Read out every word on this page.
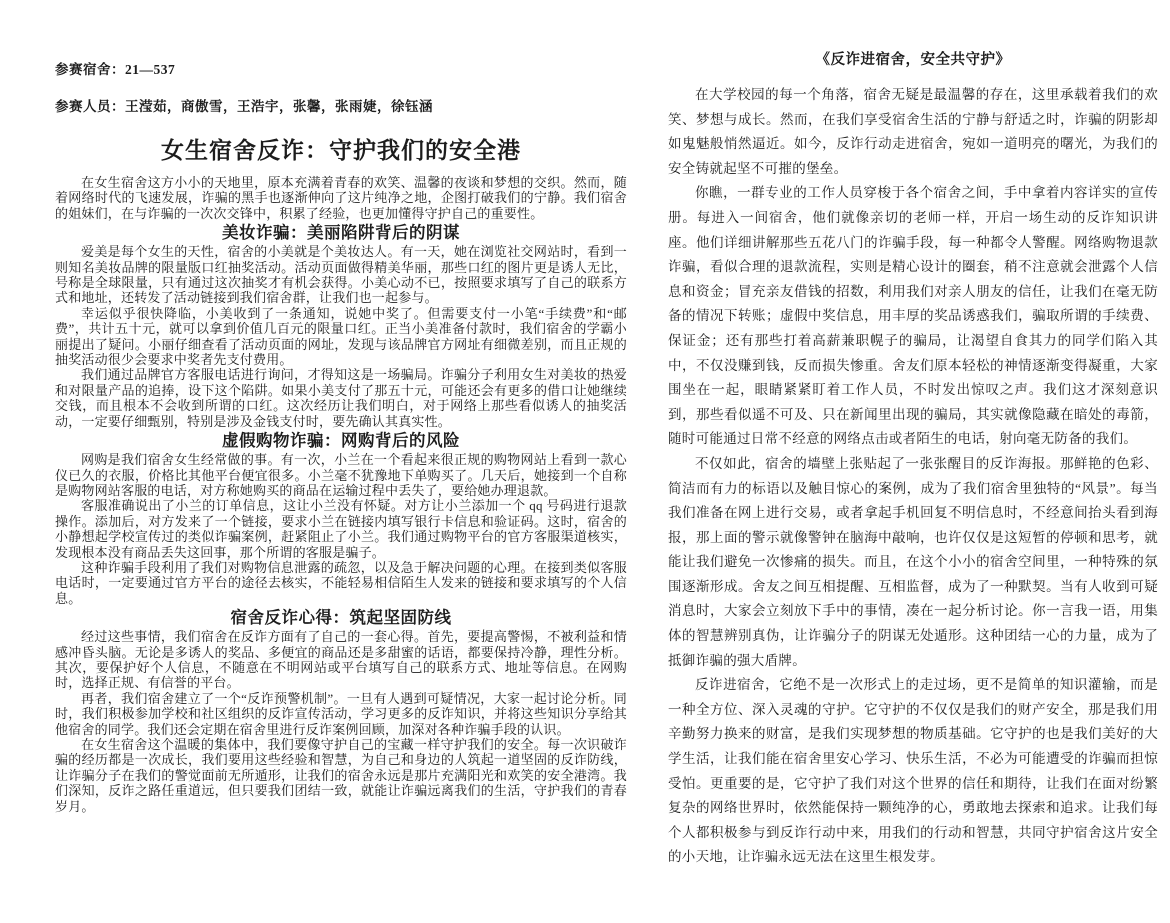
参赛宿舍：21—537

参赛人员：王滢茹，商傲雪，王浩宇，张馨，张雨婕，徐钰涵

女生宿舍反诈：守护我们的安全港

在女生宿舍这方小小的天地里，原本充满着青春的欢笑、温馨的夜谈和梦想的交织。然而，随着网络时代的飞速发展，诈骗的黑手也逐渐伸向了这片纯净之地，企图打破我们的宁静。我们宿舍的姐妹们，在与诈骗的一次次交锋中，积累了经验，也更加懂得守护自己的重要性。

美妆诈骗：美丽陷阱背后的阴谋

爱美是每个女生的天性，宿舍的小美就是个美妆达人。有一天，她在浏览社交网站时，看到一则知名美妆品牌的限量版口红抽奖活动。活动页面做得精美华丽，那些口红的图片更是诱人无比，号称是全球限量，只有通过这次抽奖才有机会获得。小美心动不已，按照要求填写了自己的联系方式和地址，还转发了活动链接到我们宿舍群，让我们也一起参与。

幸运似乎很快降临，小美收到了一条通知，说她中奖了。但需要支付一小笔“手续费”和“邮费”，共计五十元，就可以拿到价值几百元的限量口红。正当小美准备付款时，我们宿舍的学霸小丽提出了疑问。小丽仔细查看了活动页面的网址，发现与该品牌官方网址有细微差别，而且正规的抽奖活动很少会要求中奖者先支付费用。

我们通过品牌官方客服电话进行询问，才得知这是一场骗局。诈骗分子利用女生对美妆的热爱和对限量产品的追捧，设下这个陷阱。如果小美支付了那五十元，可能还会有更多的借口让她继续交钱，而且根本不会收到所谓的口红。这次经历让我们明白，对于网络上那些看似诱人的抽奖活动，一定要仔细甄别，特别是涉及金钱支付时，要先确认其真实性。

虚假购物诈骗：网购背后的风险

网购是我们宿舍女生经常做的事。有一次，小兰在一个看起来很正规的购物网站上看到一款心仪已久的衣服，价格比其他平台便宜很多。小兰毫不犹豫地下单购买了。几天后，她接到一个自称是购物网站客服的电话，对方称她购买的商品在运输过程中丢失了，要给她办理退款。

客服准确说出了小兰的订单信息，这让小兰没有怀疑。对方让小兰添加一个 qq 号码进行退款操作。添加后，对方发来了一个链接，要求小兰在链接内填写银行卡信息和验证码。这时，宿舍的小静想起学校宣传过的类似诈骗案例，赶紧阻止了小兰。我们通过购物平台的官方客服渠道核实，发现根本没有商品丢失这回事，那个所谓的客服是骗子。

这种诈骗手段利用了我们对购物信息泄露的疏忽，以及急于解决问题的心理。在接到类似客服电话时，一定要通过官方平台的途径去核实，不能轻易相信陌生人发来的链接和要求填写的个人信息。

宿舍反诈心得：筑起坚固防线

经过这些事情，我们宿舍在反诈方面有了自己的一套心得。首先，要提高警惕，不被利益和情感冲昏头脑。无论是多诱人的奖品、多便宜的商品还是多甜蜜的话语，都要保持冷静，理性分析。其次，要保护好个人信息，不随意在不明网站或平台填写自己的联系方式、地址等信息。在网购时，选择正规、有信誉的平台。

再者，我们宿舍建立了一个“反诈预警机制”。一旦有人遇到可疑情况，大家一起讨论分析。同时，我们积极参加学校和社区组织的反诈宣传活动，学习更多的反诈知识，并将这些知识分享给其他宿舍的同学。我们还会定期在宿舍里进行反诈案例回顾，加深对各种诈骗手段的认识。

在女生宿舍这个温暖的集体中，我们要像守护自己的宝藏一样守护我们的安全。每一次识破诈骗的经历都是一次成长，我们要用这些经验和智慧，为自己和身边的人筑起一道坚固的反诈防线，让诈骗分子在我们的警觉面前无所遁形，让我们的宿舍永远是那片充满阳光和欢笑的安全港湾。我们深知，反诈之路任重道远，但只要我们团结一致，就能让诈骗远离我们的生活，守护我们的青春岁月。

《反诈进宿舍，安全共守护》

在大学校园的每一个角落，宿舍无疑是最温馨的存在，这里承载着我们的欢笑、梦想与成长。然而，在我们享受宿舍生活的宁静与舒适之时，诈骗的阴影却如鬼魅般悄然逼近。如今，反诈行动走进宿舍，宛如一道明亮的曙光，为我们的安全铸就起坚不可摧的堡垒。

你瞧，一群专业的工作人员穿梭于各个宿舍之间，手中拿着内容详实的宣传册。每进入一间宿舍，他们就像亲切的老师一样，开启一场生动的反诈知识讲座。他们详细讲解那些五花八门的诈骗手段，每一种都令人警醒。网络购物退款诈骗，看似合理的退款流程，实则是精心设计的圈套，稍不注意就会泄露个人信息和资金；冒充亲友借钱的招数，利用我们对亲人朋友的信任，让我们在毫无防备的情况下转账；虚假中奖信息，用丰厚的奖品诱惑我们，骗取所谓的手续费、保证金；还有那些打着高薪兼职幌子的骗局，让渴望自食其力的同学们陷入其中，不仅没赚到钱，反而损失惨重。舍友们原本轻松的神情逐渐变得凝重，大家围坐在一起，眼睛紧紧盯着工作人员，不时发出惊叹之声。我们这才深刻意识到，那些看似遥不可及、只在新闻里出现的骗局，其实就像隐藏在暗处的毒箭，随时可能通过日常不经意的网络点击或者陌生的电话，射向毫无防备的我们。

不仅如此，宿舍的墙壁上张贴起了一张张醒目的反诈海报。那鲜艳的色彩、简洁而有力的标语以及触目惊心的案例，成为了我们宿舍里独特的“风景”。每当我们准备在网上进行交易，或者拿起手机回复不明信息时，不经意间抬头看到海报，那上面的警示就像警钟在脑海中敲响，也许仅仅是这短暂的停顿和思考，就能让我们避免一次惨痛的损失。而且，在这个小小的宿舍空间里，一种特殊的氛围逐渐形成。舍友之间互相提醒、互相监督，成为了一种默契。当有人收到可疑消息时，大家会立刻放下手中的事情，凑在一起分析讨论。你一言我一语，用集体的智慧辨别真伪，让诈骗分子的阴谋无处遁形。这种团结一心的力量，成为了抵御诈骗的强大盾牌。

反诈进宿舍，它绝不是一次形式上的走过场，更不是简单的知识灌输，而是一种全方位、深入灵魂的守护。它守护的不仅仅是我们的财产安全，那是我们用辛勤努力换来的财富，是我们实现梦想的物质基础。它守护的也是我们美好的大学生活，让我们能在宿舍里安心学习、快乐生活，不必为可能遭受的诈骗而担惊受怕。更重要的是，它守护了我们对这个世界的信任和期待，让我们在面对纷繁复杂的网络世界时，依然能保持一颗纯净的心，勇敢地去探索和追求。让我们每个人都积极参与到反诈行动中来，用我们的行动和智慧，共同守护宿舍这片安全的小天地，让诈骗永远无法在这里生根发芽。
